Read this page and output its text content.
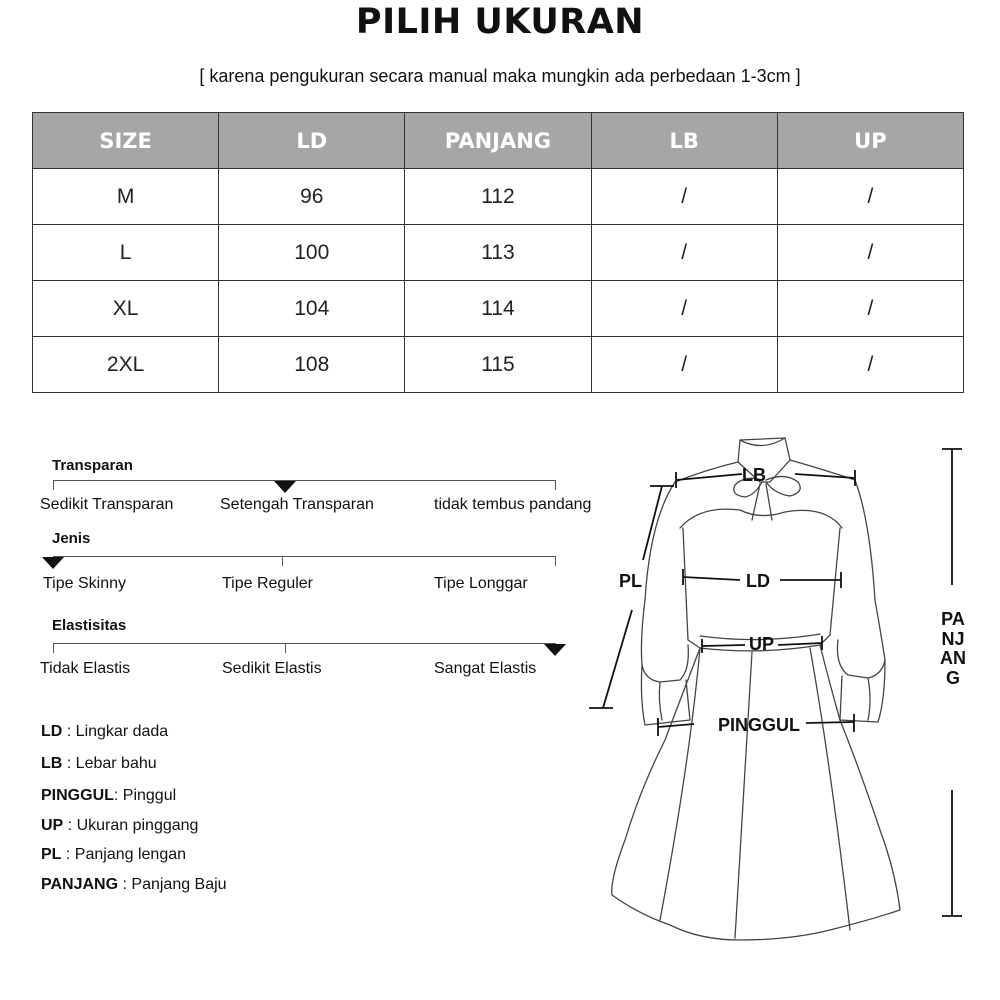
PILIH UKURAN
[ karena pengukuran secara manual maka mungkin ada perbedaan 1-3cm ]
SIZE	LD	PANJANG	LB	UP
M	96	112	/	/
L	100	113	/	/
XL	104	114	/	/
2XL	108	115	/	/
Transparan
Sedikit Transparan	Setengah Transparan	tidak tembus pandang
Jenis
Tipe Skinny	Tipe Reguler	Tipe Longgar
Elastisitas
Tidak Elastis	Sedikit Elastis	Sangat Elastis
LD : Lingkar dada
LB : Lebar bahu
PINGGUL: Pinggul
UP : Ukuran pinggang
PL : Panjang lengan
PANJANG : Panjang Baju
LB
LD
PL
UP
PINGGUL
PANJANG
